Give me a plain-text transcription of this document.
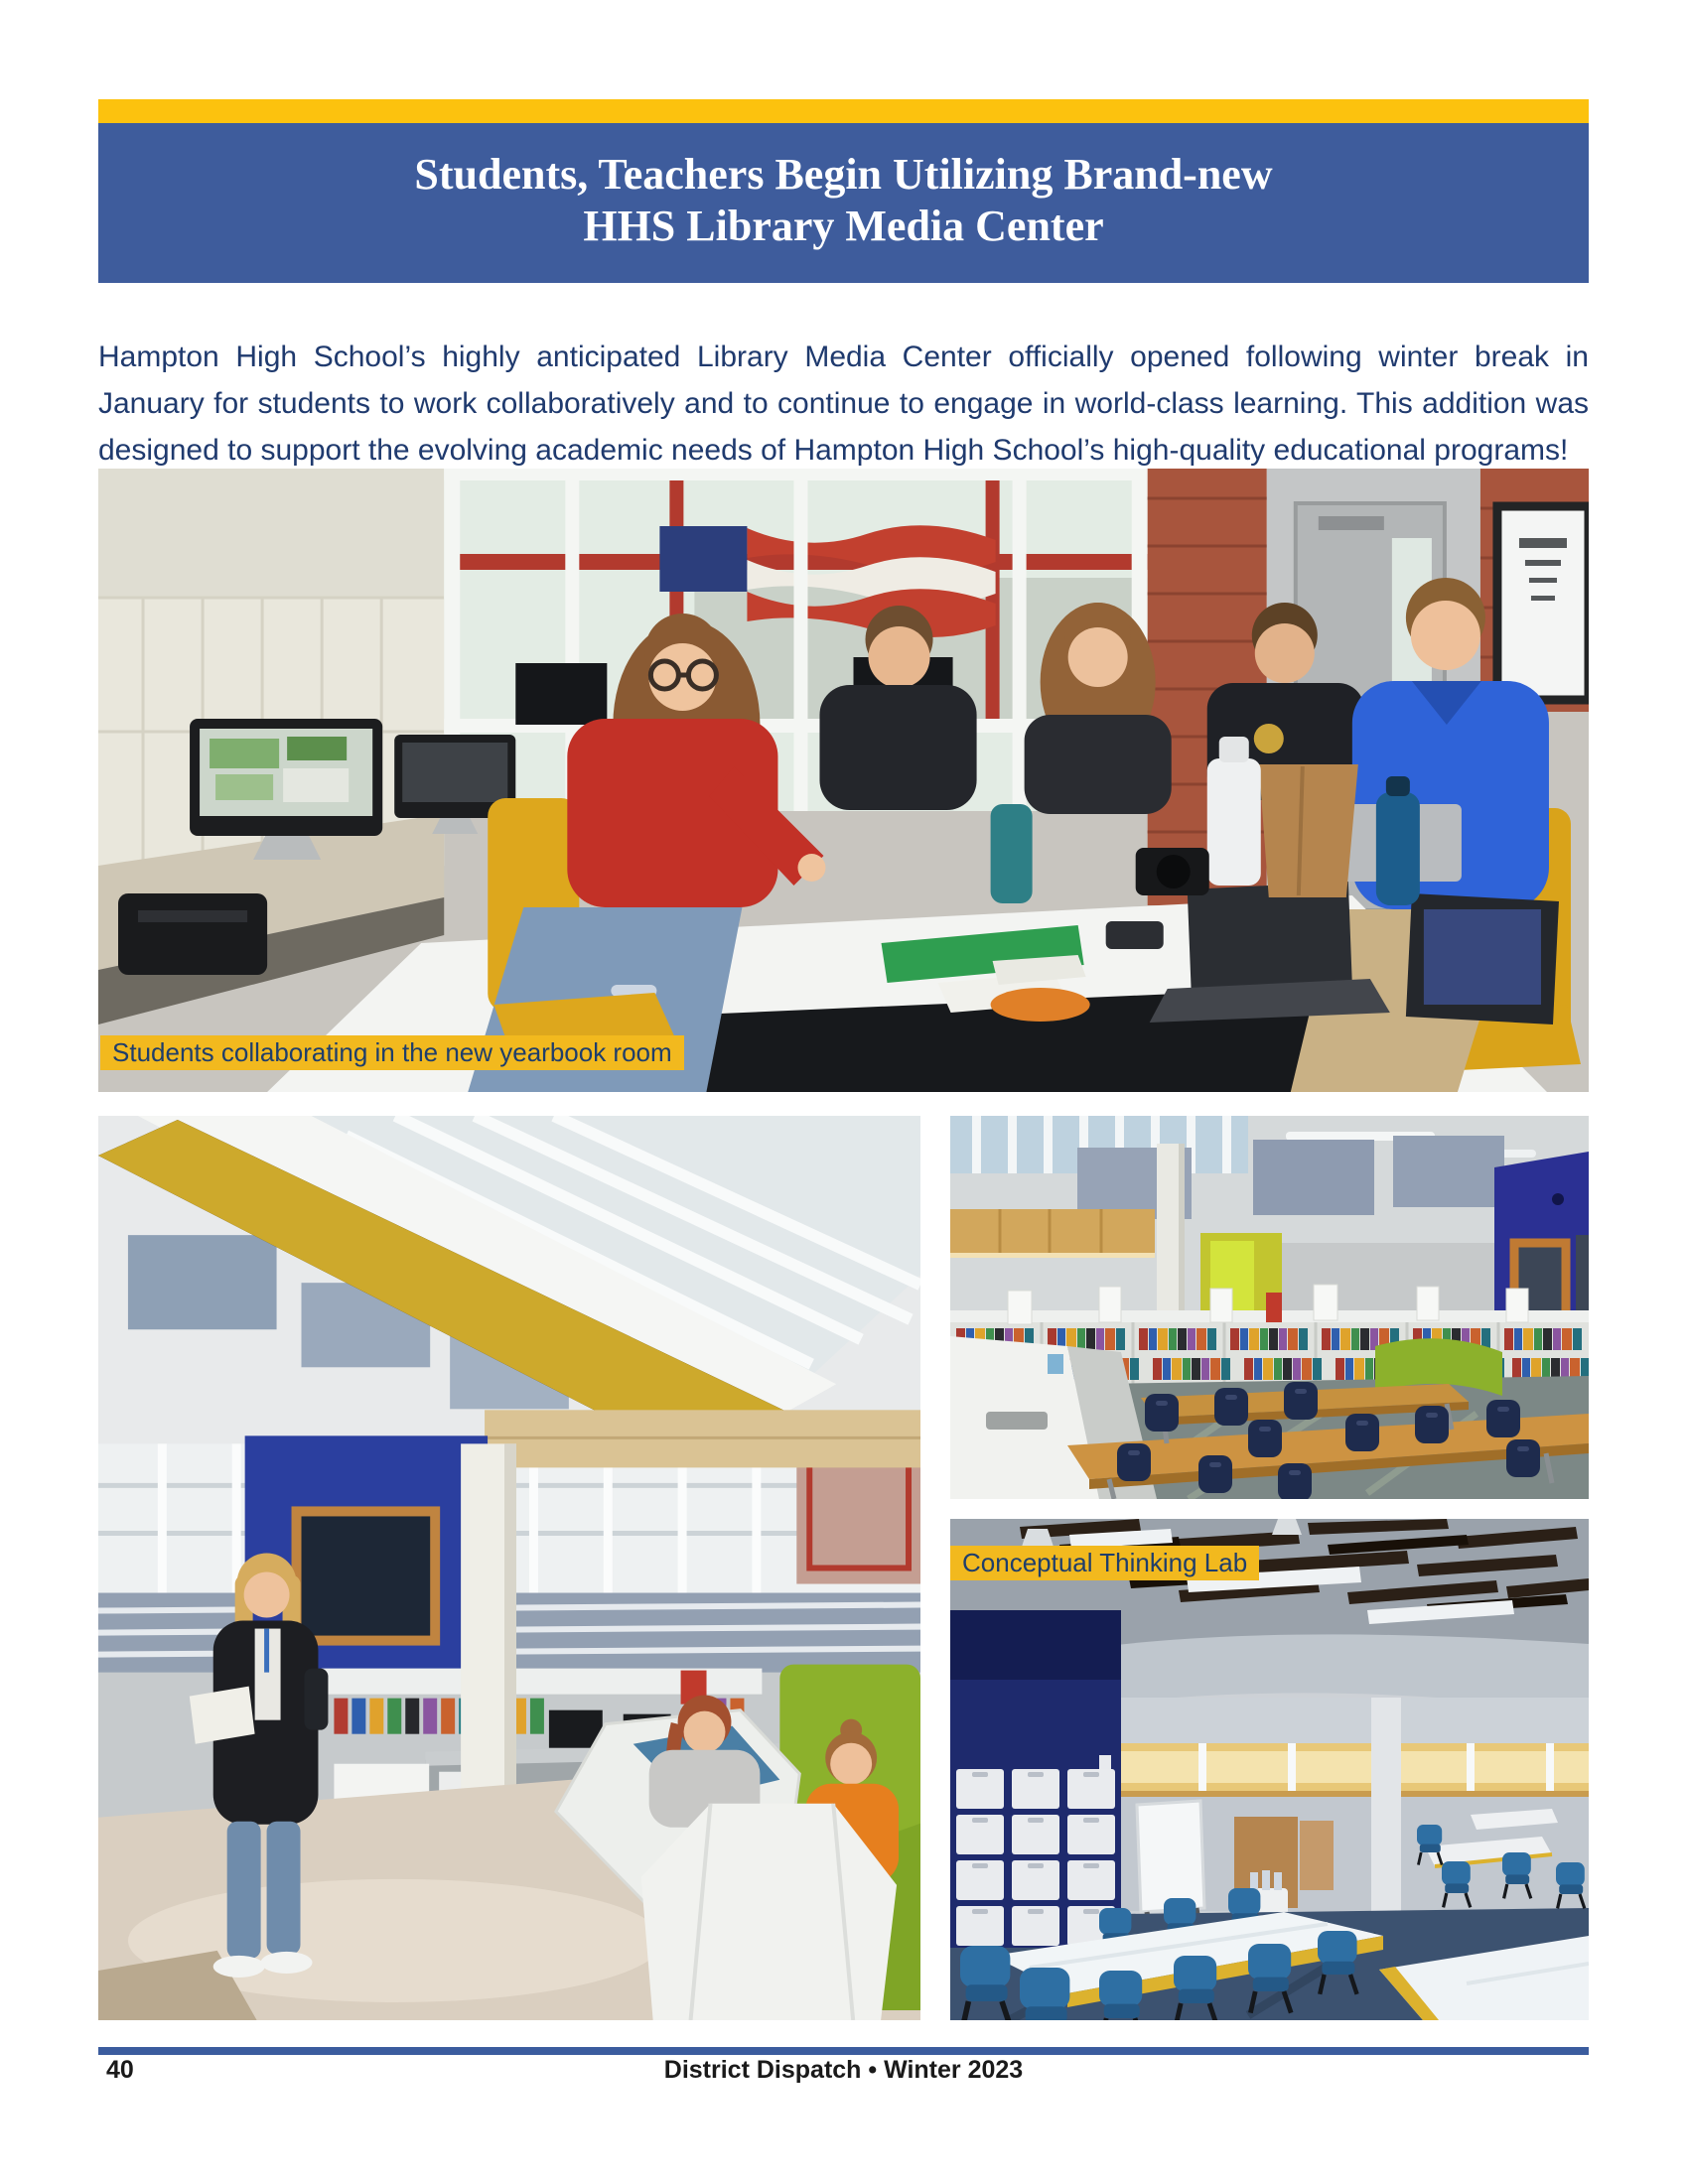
Students, Teachers Begin Utilizing Brand-new
HHS Library Media Center

Hampton High School’s highly anticipated Library Media Center officially opened following winter break in January for students to work collaboratively and to continue to engage in world-class learning. This addition was designed to support the evolving academic needs of Hampton High School’s high-quality educational programs!

Students collaborating in the new yearbook room
Conceptual Thinking Lab
District Dispatch • Winter 2023
40
